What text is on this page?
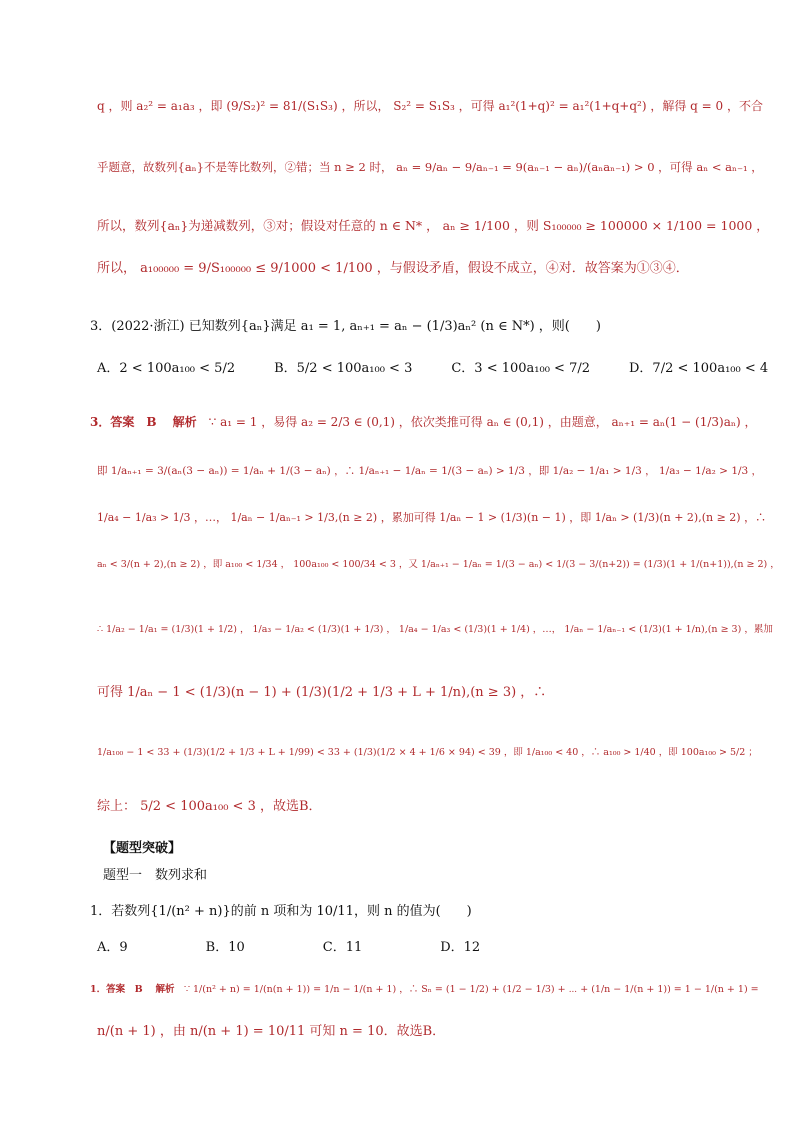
q ，则 a₂² = a₁a₃ ，即 (9/S₂)² = 81/(S₁S₃) ，所以， S₂² = S₁S₃ ，可得 a₁²(1+q)² = a₁²(1+q+q²) ，解得 q = 0 ，不合
乎题意，故数列{aₙ}不是等比数列，②错；当 n ≥ 2 时， aₙ = 9/aₙ − 9/aₙ₋₁ = 9(aₙ₋₁ − aₙ)/(aₙaₙ₋₁) > 0 ，可得 aₙ < aₙ₋₁ ，
所以，数列{aₙ}为递减数列，③对；假设对任意的 n ∈ N* ， aₙ ≥ 1/100 ，则 S₁₀₀₀₀₀ ≥ 100000 × 1/100 = 1000 ，
所以， a₁₀₀₀₀₀ = 9/S₁₀₀₀₀₀ ≤ 9/1000 < 1/100 ，与假设矛盾，假设不成立，④对．故答案为①③④．
3．(2022·浙江) 已知数列{aₙ}满足 a₁ = 1, aₙ₊₁ = aₙ − (1/3)aₙ² (n ∈ N*) ，则(　　)
A．2 < 100a₁₀₀ < 5/2　　　B．5/2 < 100a₁₀₀ < 3　　　C．3 < 100a₁₀₀ < 7/2　　　D．7/2 < 100a₁₀₀ < 4
3．答案　B　 解析　∵ a₁ = 1 ，易得 a₂ = 2/3 ∈ (0,1) ，依次类推可得 aₙ ∈ (0,1) ，由题意， aₙ₊₁ = aₙ(1 − (1/3)aₙ) ，
即 1/aₙ₊₁ = 3/(aₙ(3 − aₙ)) = 1/aₙ + 1/(3 − aₙ) ，∴ 1/aₙ₊₁ − 1/aₙ = 1/(3 − aₙ) > 1/3 ，即 1/a₂ − 1/a₁ > 1/3 ， 1/a₃ − 1/a₂ > 1/3 ，
1/a₄ − 1/a₃ > 1/3 ，…， 1/aₙ − 1/aₙ₋₁ > 1/3,(n ≥ 2) ，累加可得 1/aₙ − 1 > (1/3)(n − 1) ，即 1/aₙ > (1/3)(n + 2),(n ≥ 2) ，∴
aₙ < 3/(n + 2),(n ≥ 2) ，即 a₁₀₀ < 1/34 ， 100a₁₀₀ < 100/34 < 3 ，又 1/aₙ₊₁ − 1/aₙ = 1/(3 − aₙ) < 1/(3 − 3/(n+2)) = (1/3)(1 + 1/(n+1)),(n ≥ 2) ，
∴ 1/a₂ − 1/a₁ = (1/3)(1 + 1/2) ， 1/a₃ − 1/a₂ < (1/3)(1 + 1/3) ， 1/a₄ − 1/a₃ < (1/3)(1 + 1/4) ，…， 1/aₙ − 1/aₙ₋₁ < (1/3)(1 + 1/n),(n ≥ 3) ，累加
可得 1/aₙ − 1 < (1/3)(n − 1) + (1/3)(1/2 + 1/3 + L + 1/n),(n ≥ 3) ，∴
1/a₁₀₀ − 1 < 33 + (1/3)(1/2 + 1/3 + L + 1/99) < 33 + (1/3)(1/2 × 4 + 1/6 × 94) < 39 ，即 1/a₁₀₀ < 40 ，∴ a₁₀₀ > 1/40 ，即 100a₁₀₀ > 5/2 ；
综上： 5/2 < 100a₁₀₀ < 3 ，故选B．
【题型突破】
题型一　数列求和
1．若数列{1/(n² + n)}的前 n 项和为 10/11，则 n 的值为(　　)
A．9　　　　　　B．10　　　　　　C．11　　　　　　D．12
1．答案　B　 解析　∵ 1/(n² + n) = 1/(n(n + 1)) = 1/n − 1/(n + 1) ，∴ Sₙ = (1 − 1/2) + (1/2 − 1/3) + ⋯ + (1/n − 1/(n + 1)) = 1 − 1/(n + 1) =
n/(n + 1) ，由 n/(n + 1) = 10/11 可知 n = 10．故选B．
